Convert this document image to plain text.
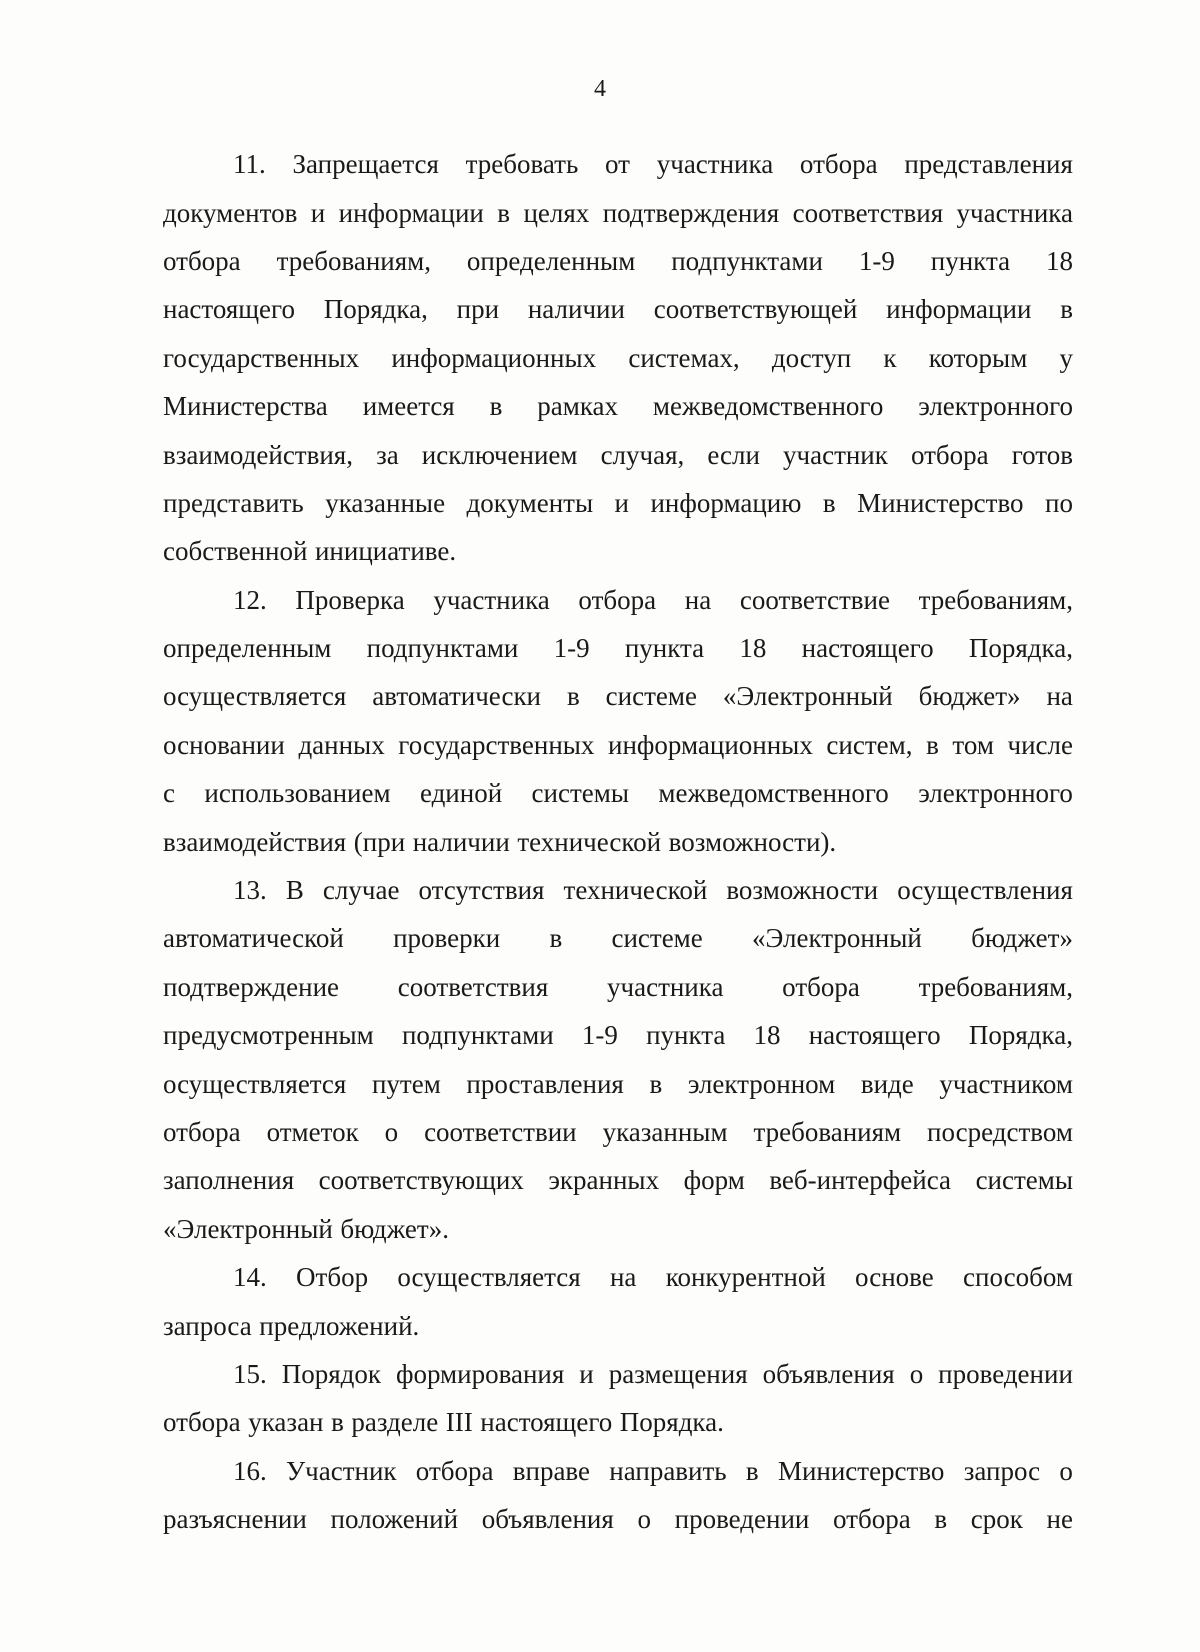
4
11. Запрещается требовать от участника отбора представления
документов и информации в целях подтверждения соответствия участника
отбора требованиям, определенным подпунктами 1-9 пункта 18
настоящего Порядка, при наличии соответствующей информации в
государственных информационных системах, доступ к которым у
Министерства имеется в рамках межведомственного электронного
взаимодействия, за исключением случая, если участник отбора готов
представить указанные документы и информацию в Министерство по
собственной инициативе.
12. Проверка участника отбора на соответствие требованиям,
определенным подпунктами 1-9 пункта 18 настоящего Порядка,
осуществляется автоматически в системе «Электронный бюджет» на
основании данных государственных информационных систем, в том числе
с использованием единой системы межведомственного электронного
взаимодействия (при наличии технической возможности).
13. В случае отсутствия технической возможности осуществления
автоматической проверки в системе «Электронный бюджет»
подтверждение соответствия участника отбора требованиям,
предусмотренным подпунктами 1-9 пункта 18 настоящего Порядка,
осуществляется путем проставления в электронном виде участником
отбора отметок о соответствии указанным требованиям посредством
заполнения соответствующих экранных форм веб-интерфейса системы
«Электронный бюджет».
14. Отбор осуществляется на конкурентной основе способом
запроса предложений.
15. Порядок формирования и размещения объявления о проведении
отбора указан в разделе III настоящего Порядка.
16. Участник отбора вправе направить в Министерство запрос о
разъяснении положений объявления о проведении отбора в срок не
